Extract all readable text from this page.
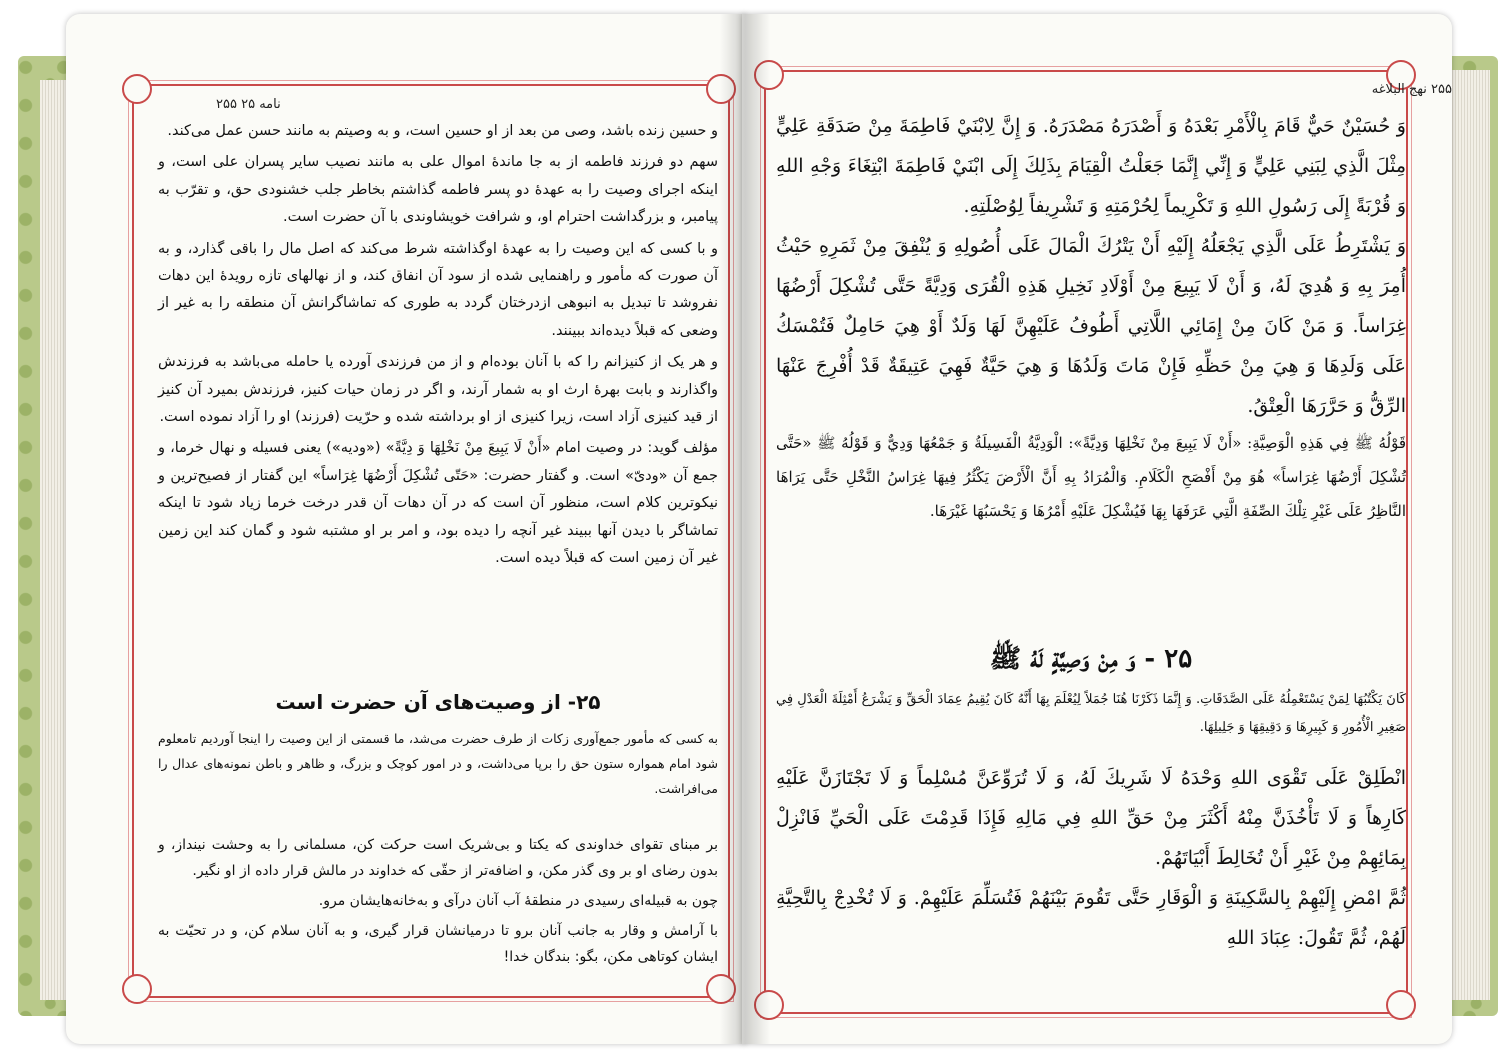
نامه ۲۵ ۲۵۵

و حسین زنده باشد، وصی من بعد از او حسین است، و به وصیتم به مانند حسن عمل می‌کند.

سهم دو فرزند فاطمه از به جا ماندهٔ اموال علی به مانند نصیب سایر پسران علی است، و اینکه اجرای وصیت را به عهدهٔ دو پسر فاطمه گذاشتم بخاطر جلب خشنودی حق، و تقرّب به پیامبر، و بزرگداشت احترام او، و شرافت خویشاوندی با آن حضرت است.

و با کسی که این وصیت را به عهدهٔ اوگذاشته شرط می‌کند که اصل مال را باقی گذارد، و به آن صورت که مأمور و راهنمایی شده از سود آن انفاق کند، و از نهالهای تازه رویدهٔ این دهات نفروشد تا تبدیل به انبوهی ازدرختان گردد به طوری که تماشاگرانش آن منطقه را به غیر از وضعی که قبلاً دیده‌اند ببینند.

و هر یک از کنیزانم را که با آنان بوده‌ام و از من فرزندی آورده یا حامله می‌باشد به فرزندش واگذارند و بابت بهرهٔ ارث او به شمار آرند، و اگر در زمان حیات کنیز، فرزندش بمیرد آن کنیز از قید کنیزی آزاد است، زیرا کنیزی از او برداشته شده و حرّیت (فرزند) او را آزاد نموده است.

مؤلف گوید: در وصیت امام «أَنْ لَا یَبِیعَ مِنْ نَخْلِهَا وَ دِیَّةً» («ودیه») یعنی فسیله و نهال خرما، و جمع آن «ودیّ» است. و گفتار حضرت: «حَتّى تُشْکِلَ أَرْضُهَا غِرَاساً» این گفتار از فصیح‌ترین و نیکوترین کلام است، منظور آن است که در آن دهات آن قدر درخت خرما زیاد شود تا اینکه تماشاگر با دیدن آنها ببیند غیر آنچه را دیده بود، و امر بر او مشتبه شود و گمان کند این زمین غیر آن زمین است که قبلاً دیده است.

۲۵- از وصیت‌های آن حضرت است
به کسی که مأمور جمع‌آوری زکات از طرف حضرت می‌شد، ما قسمتی از این وصیت را اینجا آوردیم تامعلوم شود امام همواره ستون حق را برپا می‌داشت، و در امور کوچک و بزرگ، و ظاهر و باطن نمونه‌های عدال را می‌افراشت.

بر مبنای تقوای خداوندی که یکتا و بی‌شریک است حرکت کن، مسلمانی را به وحشت نینداز، و بدون رضای او بر وی گذر مکن، و اضافه‌تر از حقّی که خداوند در مالش قرار داده از او نگیر.

چون به قبیله‌ای رسیدی در منطقهٔ آب آنان درآی و به‌خانه‌هایشان مرو.

با آرامش و وقار به جانب آنان برو تا درمیانشان قرار گیری، و به آنان سلام کن، و در تحیّت به ایشان کوتاهی مکن، بگو: بندگان خدا!

۲۵۵ نهج البلاغه

وَ حُسَيْنٌ حَيٌّ قَامَ بِالْأَمْرِ بَعْدَهُ وَ أَصْدَرَهُ مَصْدَرَهُ. وَ إِنَّ لِابْنَيْ فَاطِمَةَ مِنْ صَدَقَةِ عَلِيٍّ مِثْلَ الَّذِي لِبَنِي عَلِيٍّ وَ إِنِّي إِنَّمَا جَعَلْتُ الْقِيَامَ بِذَلِكَ إِلَى ابْنَيْ فَاطِمَةَ ابْتِغَاءَ وَجْهِ اللهِ وَ قُرْبَةً إِلَى رَسُولِ اللهِ وَ تَكْرِيماً لِحُرْمَتِهِ وَ تَشْرِيفاً لِوُصْلَتِهِ.

وَ يَشْتَرِطُ عَلَى الَّذِي يَجْعَلُهُ إِلَيْهِ أَنْ يَتْرُكَ الْمَالَ عَلَى أُصُولِهِ وَ يُنْفِقَ مِنْ ثَمَرِهِ حَيْثُ أُمِرَ بِهِ وَ هُدِيَ لَهُ، وَ أَنْ لَا يَبِيعَ مِنْ أَوْلَادِ نَخِيلِ هَذِهِ الْقُرَى وَدِيَّةً حَتَّى تُشْكِلَ أَرْضُهَا غِرَاساً. وَ مَنْ كَانَ مِنْ إِمَائِي اللَّاتِي أَطُوفُ عَلَيْهِنَّ لَهَا وَلَدٌ أَوْ هِيَ حَامِلٌ فَتُمْسَكُ عَلَى وَلَدِهَا وَ هِيَ مِنْ حَظِّهِ فَإِنْ مَاتَ وَلَدُهَا وَ هِيَ حَيَّةٌ فَهِيَ عَتِيقَةٌ قَدْ أُفْرِجَ عَنْهَا الرِّقُّ وَ حَرَّرَهَا الْعِتْقُ.

قَوْلُهُ ﷺ فِي هَذِهِ الْوَصِيَّةِ: «أَنْ لَا يَبِيعَ مِنْ نَخْلِهَا وَدِيَّةً»: الْوَدِيَّةُ الْفَسِيلَةُ وَ جَمْعُهَا وَدِيٌّ وَ قَوْلُهُ ﷺ «حَتَّى تُشْكِلَ أَرْضُهَا غِرَاساً» هُوَ مِنْ أَفْصَحِ الْكَلَامِ. وَالْمُرَادُ بِهِ أَنَّ الْأَرْضَ يَكْثُرُ فِيهَا غِرَاسُ النَّخْلِ حَتَّى يَرَاهَا النَّاظِرُ عَلَى غَيْرِ تِلْكَ الصِّفَةِ الَّتِي عَرَفَهَا بِهَا فَيُشْكِلَ عَلَيْهِ أَمْرُهَا وَ يَحْسَبُهَا غَيْرَهَا.

۲۵ - وَ مِنْ وَصِيَّةٍ لَهُ ﷺ
كَانَ يَكْتُبُهَا لِمَنْ يَسْتَعْمِلُهُ عَلَى الصَّدَقَاتِ. وَ إِنَّمَا ذَكَرْنَا هُنَا جُمَلاً لِيُعْلَمَ بِهَا أَنَّهُ كَانَ يُقِيمُ عِمَادَ الْحَقِّ وَ يَشْرَعُ أَمْثِلَةَ الْعَدْلِ فِي صَغِيرِ الْأُمُورِ وَ كَبِيرِهَا وَ دَقِيقِهَا وَ جَلِيلِهَا.

انْطَلِقْ عَلَى تَقْوَى اللهِ وَحْدَهُ لَا شَرِيكَ لَهُ، وَ لَا تُرَوِّعَنَّ مُسْلِماً وَ لَا تَجْتَازَنَّ عَلَيْهِ كَارِهاً وَ لَا تَأْخُذَنَّ مِنْهُ أَكْثَرَ مِنْ حَقِّ اللهِ فِي مَالِهِ فَإِذَا قَدِمْتَ عَلَى الْحَيِّ فَانْزِلْ بِمَائِهِمْ مِنْ غَيْرِ أَنْ تُخَالِطَ أَبْيَاتَهُمْ.

ثُمَّ امْضِ إِلَيْهِمْ بِالسَّكِينَةِ وَ الْوَقَارِ حَتَّى تَقُومَ بَيْنَهُمْ فَتُسَلِّمَ عَلَيْهِمْ. وَ لَا تُخْدِجْ بِالتَّحِيَّةِ لَهُمْ، ثُمَّ تَقُولَ: عِبَادَ اللهِ
